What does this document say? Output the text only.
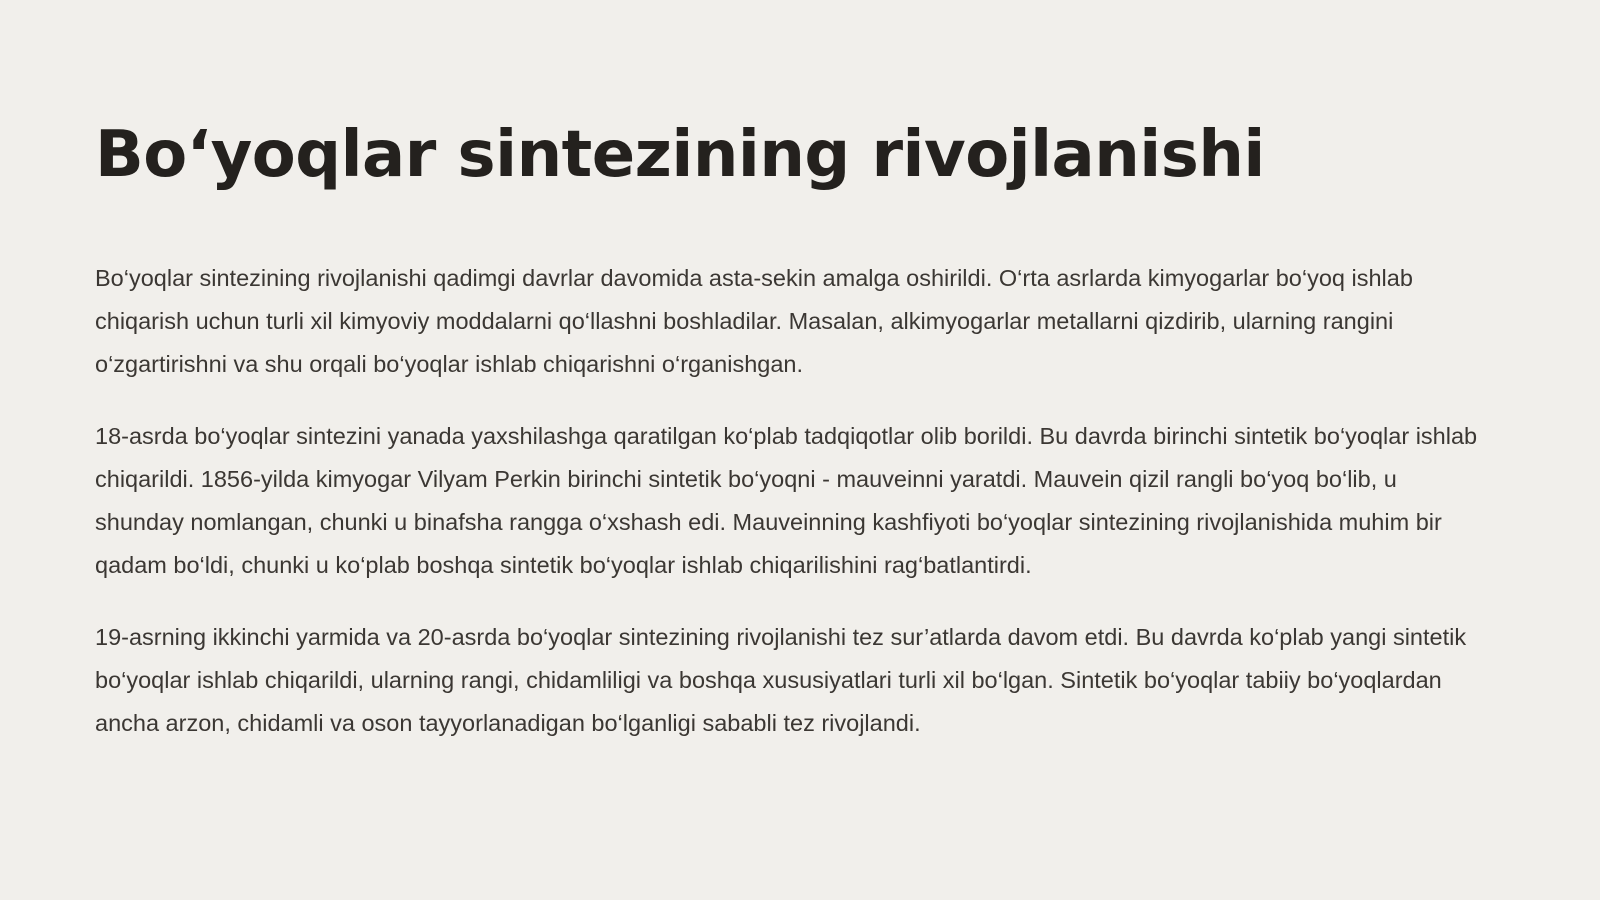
Bo‘yoqlar sintezining rivojlanishi

Bo‘yoqlar sintezining rivojlanishi qadimgi davrlar davomida asta-sekin amalga oshirildi. O‘rta asrlarda kimyogarlar bo‘yoq ishlab chiqarish uchun turli xil kimyoviy moddalarni qo‘llashni boshladilar. Masalan, alkimyogarlar metallarni qizdirib, ularning rangini o‘zgartirishni va shu orqali bo‘yoqlar ishlab chiqarishni o‘rganishgan.

18-asrda bo‘yoqlar sintezini yanada yaxshilashga qaratilgan ko‘plab tadqiqotlar olib borildi. Bu davrda birinchi sintetik bo‘yoqlar ishlab chiqarildi. 1856-yilda kimyogar Vilyam Perkin birinchi sintetik bo‘yoqni - mauveinni yaratdi. Mauvein qizil rangli bo‘yoq bo‘lib, u shunday nomlangan, chunki u binafsha rangga o‘xshash edi. Mauveinning kashfiyoti bo‘yoqlar sintezining rivojlanishida muhim bir qadam bo‘ldi, chunki u ko‘plab boshqa sintetik bo‘yoqlar ishlab chiqarilishini rag‘batlantirdi.

19-asrning ikkinchi yarmida va 20-asrda bo‘yoqlar sintezining rivojlanishi tez sur’atlarda davom etdi. Bu davrda ko‘plab yangi sintetik bo‘yoqlar ishlab chiqarildi, ularning rangi, chidamliligi va boshqa xususiyatlari turli xil bo‘lgan. Sintetik bo‘yoqlar tabiiy bo‘yoqlardan ancha arzon, chidamli va oson tayyorlanadigan bo‘lganligi sababli tez rivojlandi.
